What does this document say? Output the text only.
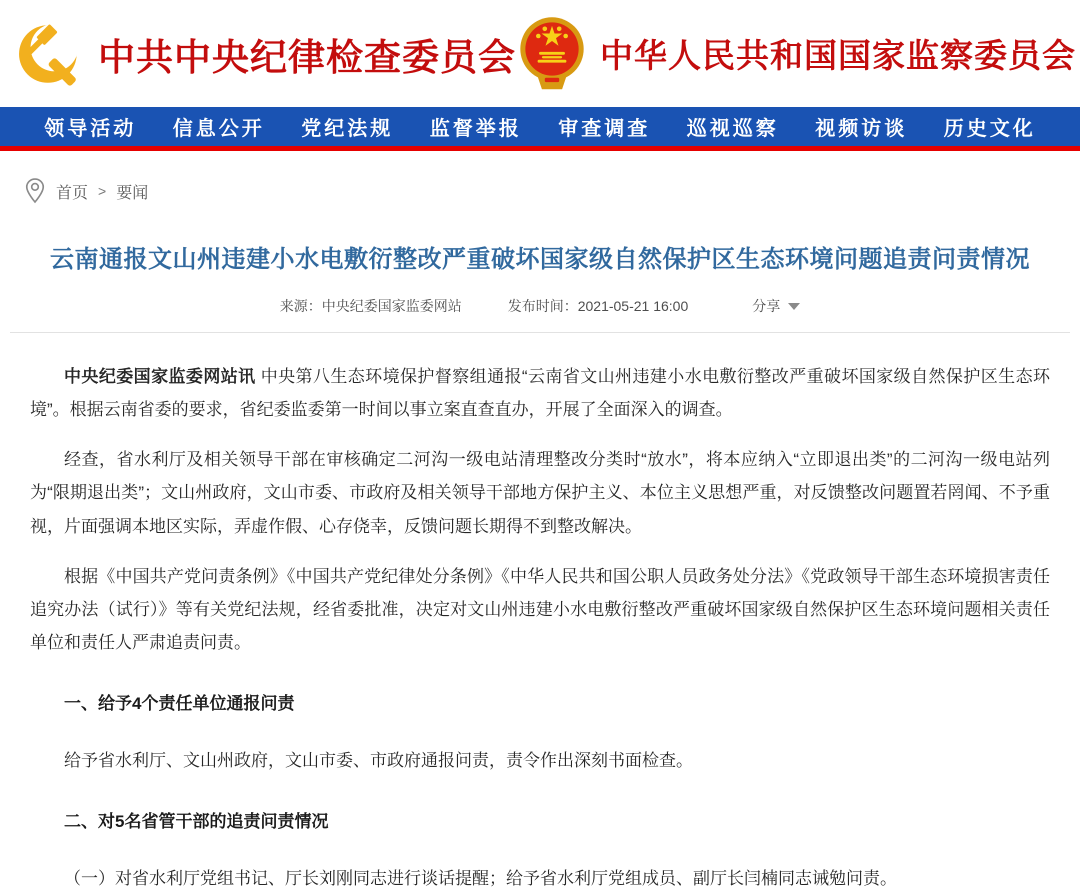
中共中央纪律检查委员会	中华人民共和国国家监察委员会
领导活动 信息公开 党纪法规 监督举报 审查调查 巡视巡察 视频访谈 历史文化
首页 > 要闻
云南通报文山州违建小水电敷衍整改严重破坏国家级自然保护区生态环境问题追责问责情况
来源：中央纪委国家监委网站	发布时间：2021-05-21 16:00	分享

中央纪委国家监委网站讯 中央第八生态环境保护督察组通报“云南省文山州违建小水电敷衍整改严重破坏国家级自然保护区生态环境”。根据云南省委的要求，省纪委监委第一时间以事立案直查直办，开展了全面深入的调查。

经查，省水利厅及相关领导干部在审核确定二河沟一级电站清理整改分类时“放水”，将本应纳入“立即退出类”的二河沟一级电站列为“限期退出类”；文山州政府，文山市委、市政府及相关领导干部地方保护主义、本位主义思想严重，对反馈整改问题置若罔闻、不予重视，片面强调本地区实际，弄虚作假、心存侥幸，反馈问题长期得不到整改解决。

根据《中国共产党问责条例》《中国共产党纪律处分条例》《中华人民共和国公职人员政务处分法》《党政领导干部生态环境损害责任追究办法（试行）》等有关党纪法规，经省委批准，决定对文山州违建小水电敷衍整改严重破坏国家级自然保护区生态环境问题相关责任单位和责任人严肃追责问责。

一、给予4个责任单位通报问责

给予省水利厅、文山州政府，文山市委、市政府通报问责，责令作出深刻书面检查。

二、对5名省管干部的追责问责情况

（一）对省水利厅党组书记、厅长刘刚同志进行谈话提醒；给予省水利厅党组成员、副厅长闫楠同志诫勉问责。
